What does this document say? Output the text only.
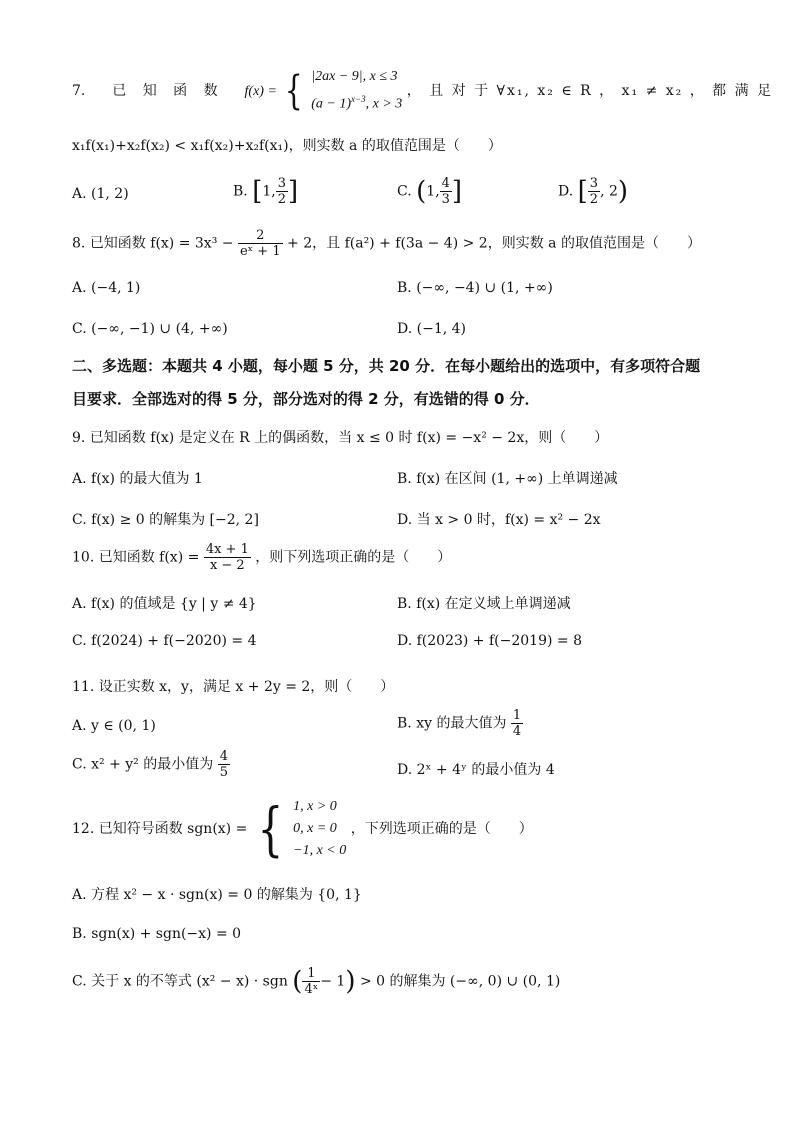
7. 已 知 函 数 f(x) = { |2ax − 9|, x ≤ 3
$(a - 1)^{x-3}$, x > 3
， 且 对 于 ∀x₁, x₂ ∈ R ， x₁ ≠ x₂ ， 都 满 足
x₁f(x₁)+x₂f(x₂) < x₁f(x₂)+x₂f(x₁)，则实数 a 的取值范围是（　　）
A. (1, 2)	B. [1, $\frac{3}{2}$ ]	C. (1, $\frac{4}{3}$ ]	D. [ $\frac{3}{2}$ , 2)
8. 已知函数 $f(x) = 3x^3 - \frac{2}{\text{eˣ + 1}} + 2$，且 f(a²) + f(3a − 4) > 2，则实数 a 的取值范围是（　　）
A. (−4, 1)	B. (−∞, −4) ∪ (1, +∞)
C. (−∞, −1) ∪ (4, +∞)	D. (−1, 4)
二、多选题：本题共 4 小题，每小题 5 分，共 20 分．在每小题给出的选项中，有多项符合题
目要求．全部选对的得 5 分，部分选对的得 2 分，有选错的得 0 分．
9. 已知函数 f(x) 是定义在 R 上的偶函数，当 x ≤ 0 时 f(x) = −x² − 2x，则（　　）
A. f(x) 的最大值为 1	B. f(x) 在区间 (1, +∞) 上单调递减
C. f(x) ≥ 0 的解集为 [−2, 2]	D. 当 x > 0 时，f(x) = x² − 2x
10. 已知函数 $f(x) = \frac{4x + 1}{x - 2}$ ，则下列选项正确的是（　　）
A. f(x) 的值域是 {y | y ≠ 4}	B. f(x) 在定义域上单调递减
C. f(2024) + f(−2020) = 4	D. f(2023) + f(−2019) = 8
11. 设正实数 x，y，满足 x + 2y = 2，则（　　）
A. y ∈ (0, 1)	B. xy 的最大值为 $\frac{1}{4}$
C. x² + y² 的最小值为 $\frac{4}{5}$	D. 2ˣ + 4ʸ 的最小值为 4
12. 已知符号函数 sgn(x) = { 1, x > 0
0, x = 0
−1, x < 0
，下列选项正确的是（　　）
A. 方程 x² − x · sgn(x) = 0 的解集为 {0, 1}
B. sgn(x) + sgn(−x) = 0
C. 关于 x 的不等式 (x² − x) · sgn ( $\frac{1}{\text{4ˣ}} - 1) > 0$ 的解集为 (−∞, 0) ∪ (0, 1)
